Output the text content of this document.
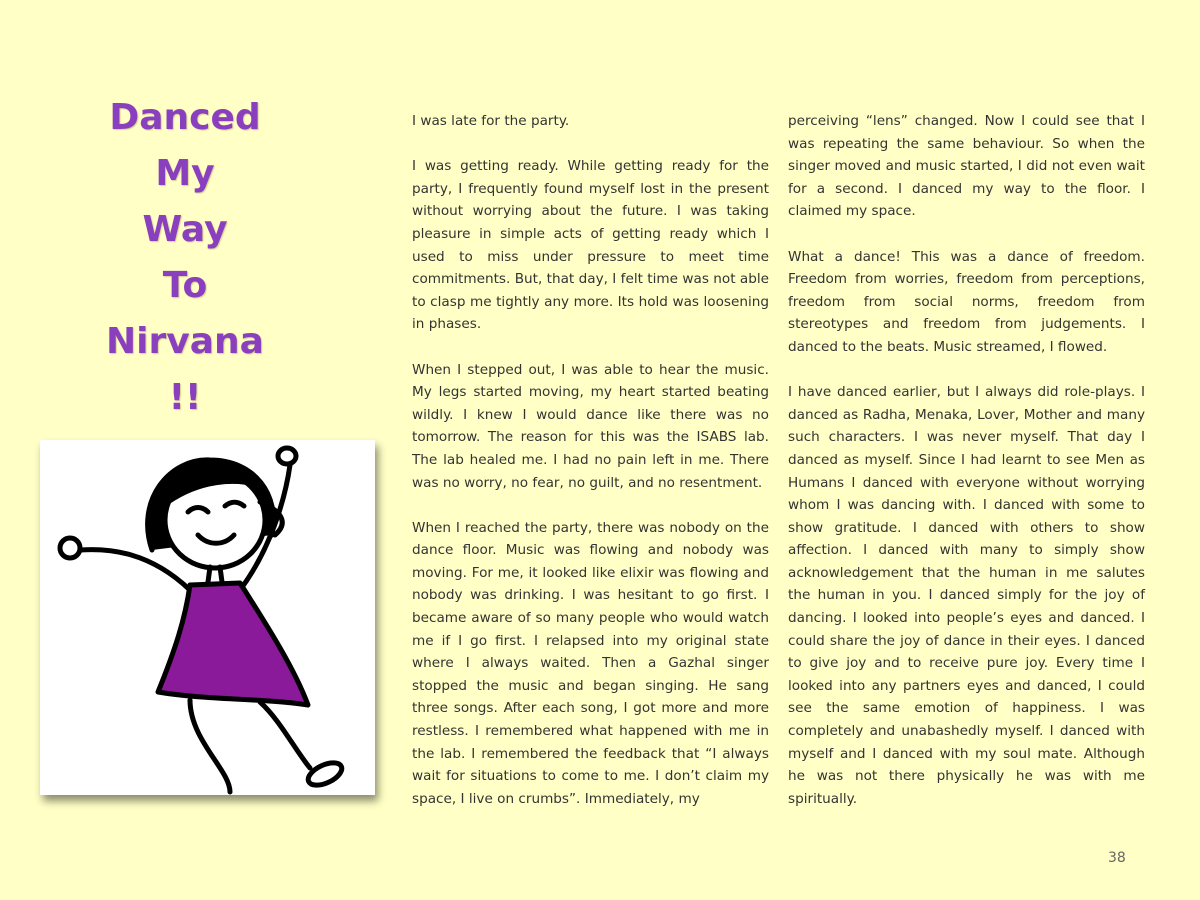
Danced
My
Way
To
Nirvana
!!

I was late for the party.

I was getting ready. While getting ready for the party, I frequently found myself lost in the present without worrying about the future. I was taking pleasure in simple acts of getting ready which I used to miss under pressure to meet time commitments. But, that day, I felt time was not able to clasp me tightly any more. Its hold was loosening in phases.

When I stepped out, I was able to hear the music. My legs started moving, my heart started beating wildly. I knew I would dance like there was no tomorrow. The reason for this was the ISABS lab. The lab healed me. I had no pain left in me. There was no worry, no fear, no guilt, and no resentment.

When I reached the party, there was nobody on the dance floor. Music was flowing and nobody was moving. For me, it looked like elixir was flowing and nobody was drinking. I was hesitant to go first. I became aware of so many people who would watch me if I go first. I relapsed into my original state where I always waited. Then a Gazhal singer stopped the music and began singing. He sang three songs. After each song, I got more and more restless. I remembered what happened with me in the lab. I remembered the feedback that “I always wait for situations to come to me. I don’t claim my space, I live on crumbs”. Immediately, my

perceiving “lens” changed. Now I could see that I was repeating the same behaviour. So when the singer moved and music started, I did not even wait for a second. I danced my way to the floor. I claimed my space.

What a dance! This was a dance of freedom. Freedom from worries, freedom from perceptions, freedom from social norms, freedom from stereotypes and freedom from judgements. I danced to the beats. Music streamed, I flowed.

I have danced earlier, but I always did role-plays. I danced as Radha, Menaka, Lover, Mother and many such characters. I was never myself. That day I danced as myself. Since I had learnt to see Men as Humans I danced with everyone without worrying whom I was dancing with. I danced with some to show gratitude. I danced with others to show affection. I danced with many to simply show acknowledgement that the human in me salutes the human in you. I danced simply for the joy of dancing. I looked into people’s eyes and danced. I could share the joy of dance in their eyes. I danced to give joy and to receive pure joy. Every time I looked into any partners eyes and danced, I could see the same emotion of happiness. I was completely and unabashedly myself. I danced with myself and I danced with my soul mate. Although he was not there physically he was with me spiritually.

38
